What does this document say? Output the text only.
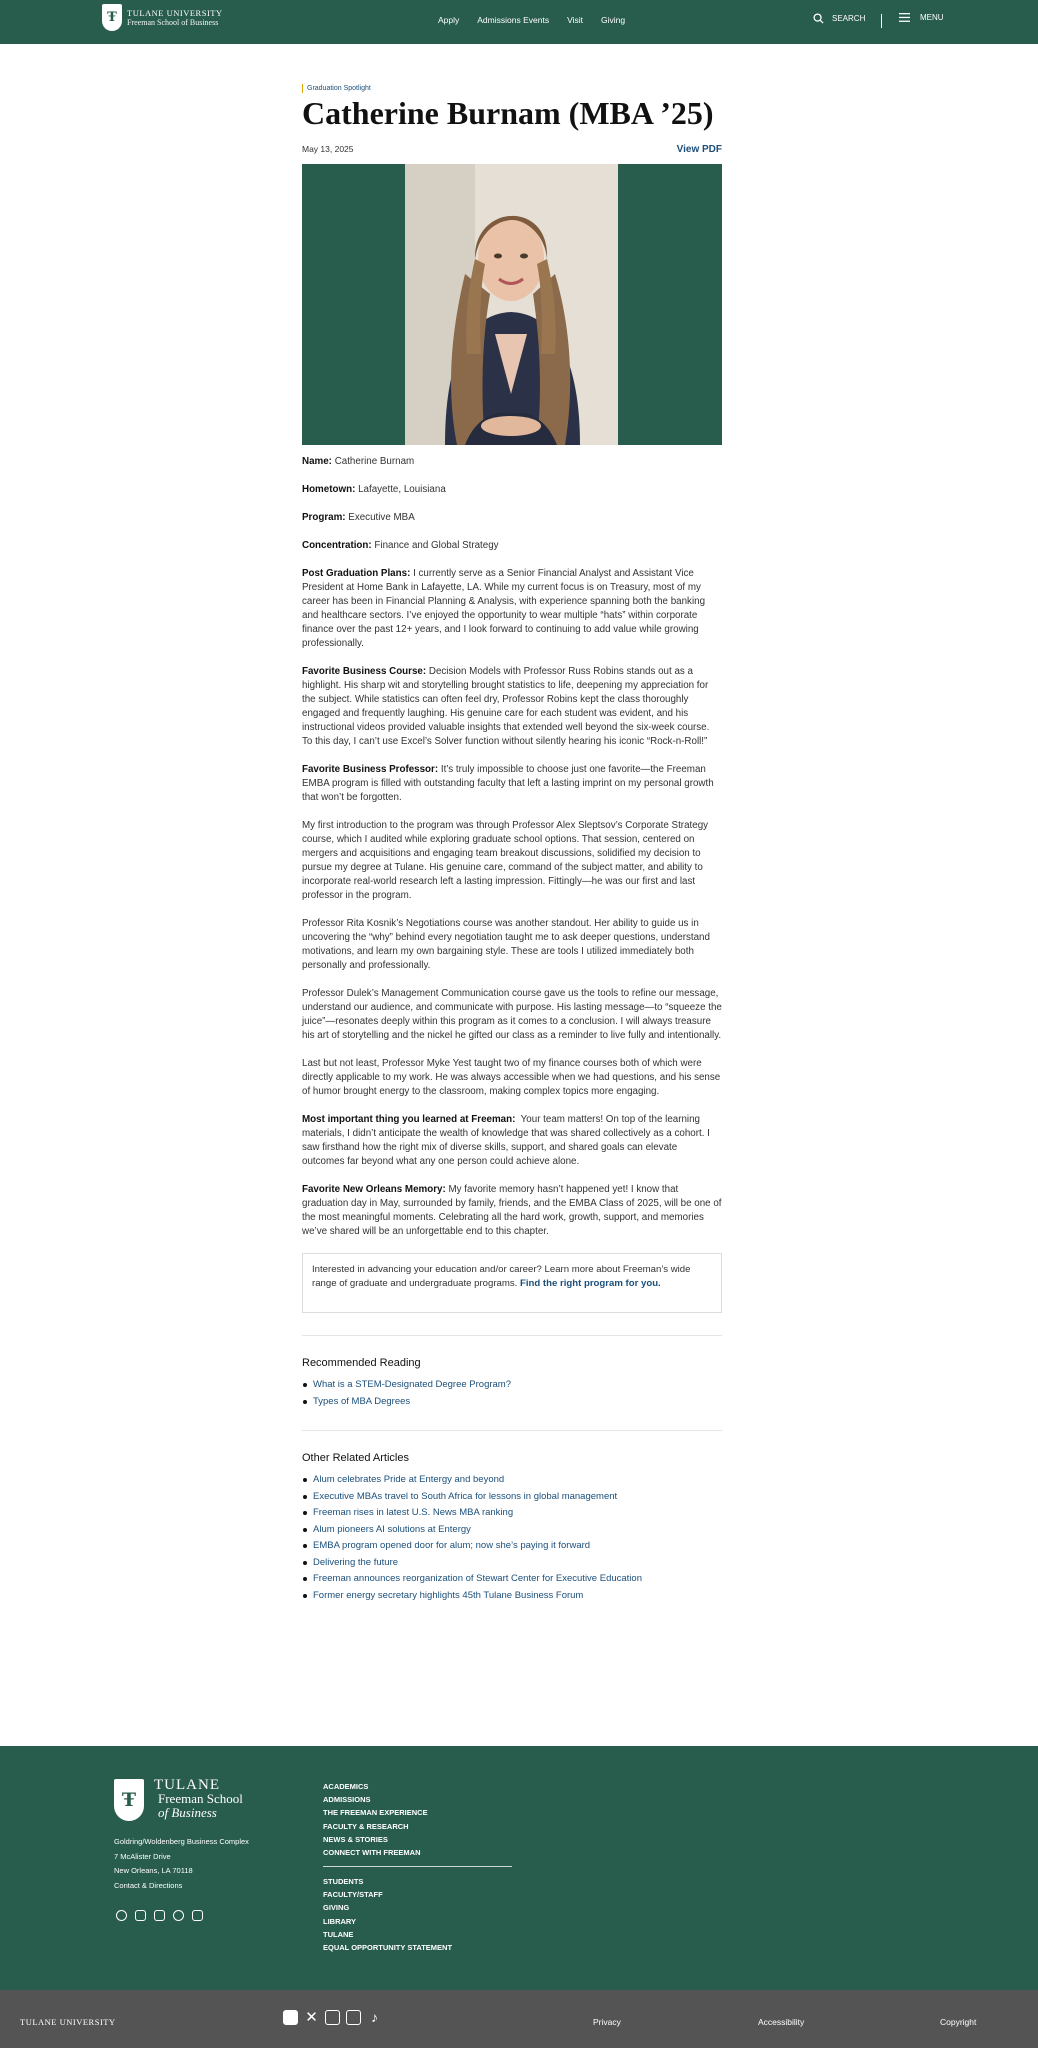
Ŧ	TULANE UNIVERSITY
Freeman School of Business	Apply Admissions Events Visit Giving	SEARCH	MENU
Graduation Spotlight
Catherine Burnam (MBA ’25)
May 13, 2025	View PDF

Name: Catherine Burnam

Hometown: Lafayette, Louisiana

Program: Executive MBA

Concentration: Finance and Global Strategy

Post Graduation Plans: I currently serve as a Senior Financial Analyst and Assistant Vice President at Home Bank in Lafayette, LA. While my current focus is on Treasury, most of my career has been in Financial Planning & Analysis, with experience spanning both the banking and healthcare sectors. I’ve enjoyed the opportunity to wear multiple “hats” within corporate finance over the past 12+ years, and I look forward to continuing to add value while growing professionally.

Favorite Business Course: Decision Models with Professor Russ Robins stands out as a highlight. His sharp wit and storytelling brought statistics to life, deepening my appreciation for the subject. While statistics can often feel dry, Professor Robins kept the class thoroughly engaged and frequently laughing. His genuine care for each student was evident, and his instructional videos provided valuable insights that extended well beyond the six-week course. To this day, I can’t use Excel’s Solver function without silently hearing his iconic “Rock-n-Roll!”

Favorite Business Professor: It’s truly impossible to choose just one favorite—the Freeman EMBA program is filled with outstanding faculty that left a lasting imprint on my personal growth that won’t be forgotten.

My first introduction to the program was through Professor Alex Sleptsov’s Corporate Strategy course, which I audited while exploring graduate school options. That session, centered on mergers and acquisitions and engaging team breakout discussions, solidified my decision to pursue my degree at Tulane. His genuine care, command of the subject matter, and ability to incorporate real-world research left a lasting impression. Fittingly—he was our first and last professor in the program.

Professor Rita Kosnik’s Negotiations course was another standout. Her ability to guide us in uncovering the “why” behind every negotiation taught me to ask deeper questions, understand motivations, and learn my own bargaining style. These are tools I utilized immediately both personally and professionally.

Professor Dulek’s Management Communication course gave us the tools to refine our message, understand our audience, and communicate with purpose. His lasting message—to “squeeze the juice”—resonates deeply within this program as it comes to a conclusion. I will always treasure his art of storytelling and the nickel he gifted our class as a reminder to live fully and intentionally.

Last but not least, Professor Myke Yest taught two of my finance courses both of which were directly applicable to my work. He was always accessible when we had questions, and his sense of humor brought energy to the classroom, making complex topics more engaging.

Most important thing you learned at Freeman: Your team matters! On top of the learning materials, I didn’t anticipate the wealth of knowledge that was shared collectively as a cohort. I saw firsthand how the right mix of diverse skills, support, and shared goals can elevate outcomes far beyond what any one person could achieve alone.

Favorite New Orleans Memory: My favorite memory hasn’t happened yet! I know that graduation day in May, surrounded by family, friends, and the EMBA Class of 2025, will be one of the most meaningful moments. Celebrating all the hard work, growth, support, and memories we’ve shared will be an unforgettable end to this chapter.

Interested in advancing your education and/or career? Learn more about Freeman’s wide range of graduate and undergraduate programs. Find the right program for you.
Recommended Reading
What is a STEM-Designated Degree Program?
Types of MBA Degrees
Other Related Articles
Alum celebrates Pride at Entergy and beyond
Executive MBAs travel to South Africa for lessons in global management
Freeman rises in latest U.S. News MBA ranking
Alum pioneers AI solutions at Entergy
EMBA program opened door for alum; now she’s paying it forward
Delivering the future
Freeman announces reorganization of Stewart Center for Executive Education
Former energy secretary highlights 45th Tulane Business Forum
Ŧ
TULANE
Freeman School
of Business
Goldring/Woldenberg Business Complex
7 McAlister Drive
New Orleans, LA 70118
Contact & Directions
ACADEMICS
ADMISSIONS
THE FREEMAN EXPERIENCE
FACULTY & RESEARCH
NEWS & STORIES
CONNECT WITH FREEMAN
STUDENTS
FACULTY/STAFF
GIVING
LIBRARY
TULANE
EQUAL OPPORTUNITY STATEMENT
TULANE UNIVERSITY	✕	♪	Privacy	Accessibility	Copyright
